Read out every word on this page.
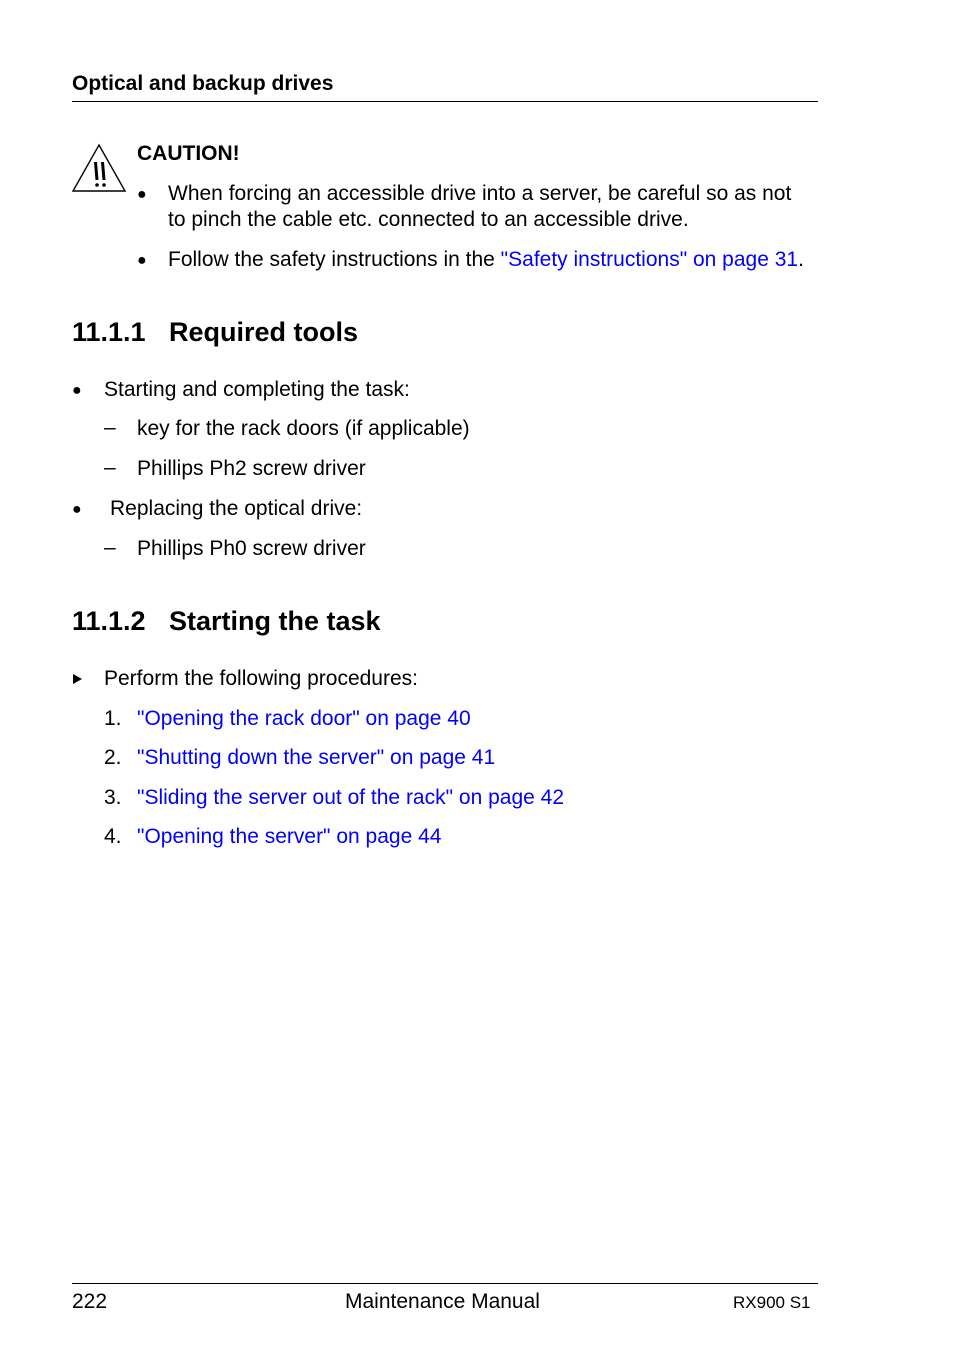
Optical and backup drives
CAUTION!
● When forcing an accessible drive into a server, be careful so as not
to pinch the cable etc. connected to an accessible drive.
● Follow the safety instructions in the "Safety instructions" on page 31.
11.1.1 Required tools
● Starting and completing the task:
– key for the rack doors (if applicable)
– Phillips Ph2 screw driver
● Replacing the optical drive:
– Phillips Ph0 screw driver
11.1.2 Starting the task
Perform the following procedures:
1. "Opening the rack door" on page 40
2. "Shutting down the server" on page 41
3. "Sliding the server out of the rack" on page 42
4. "Opening the server" on page 44
222	Maintenance Manual	RX900 S1
